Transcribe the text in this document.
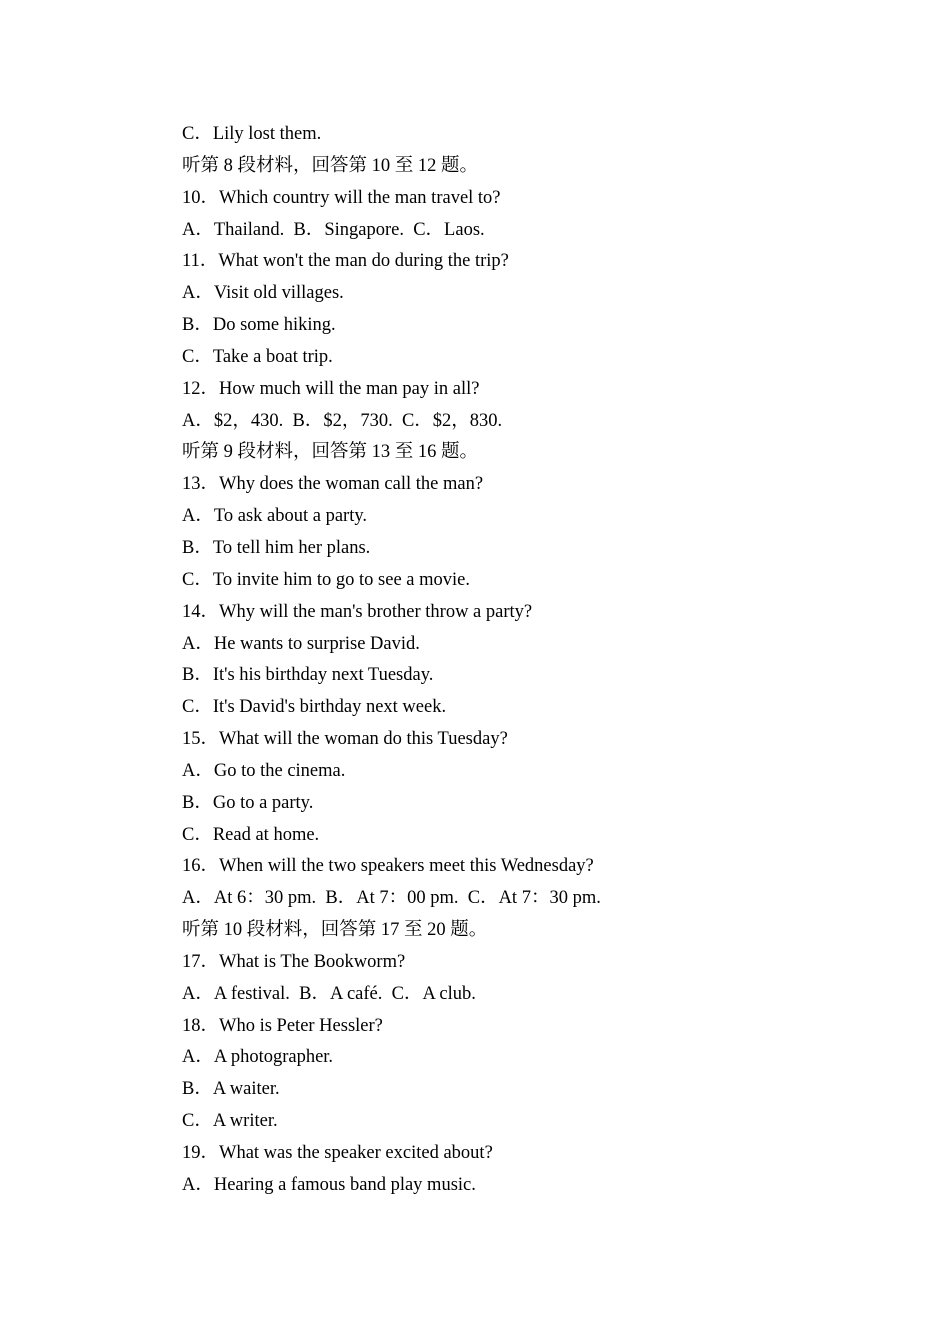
C．Lily lost them.
听第 8 段材料，回答第 10 至 12 题。
10．Which country will the man travel to?
A．Thailand.  B．Singapore.  C．Laos.
11．What won't the man do during the trip?
A．Visit old villages.
B．Do some hiking.
C．Take a boat trip.
12．How much will the man pay in all?
A．$2，430.  B．$2，730.  C．$2，830.
听第 9 段材料，回答第 13 至 16 题。
13．Why does the woman call the man?
A．To ask about a party.
B．To tell him her plans.
C．To invite him to go to see a movie.
14．Why will the man's brother throw a party?
A．He wants to surprise David.
B．It's his birthday next Tuesday.
C．It's David's birthday next week.
15．What will the woman do this Tuesday?
A．Go to the cinema.
B．Go to a party.
C．Read at home.
16．When will the two speakers meet this Wednesday?
A．At 6：30 pm.  B．At 7：00 pm.  C．At 7：30 pm.
听第 10 段材料，回答第 17 至 20 题。
17．What is The Bookworm?
A．A festival.  B．A café.  C．A club.
18．Who is Peter Hessler?
A．A photographer.
B．A waiter.
C．A writer.
19．What was the speaker excited about?
A．Hearing a famous band play music.
